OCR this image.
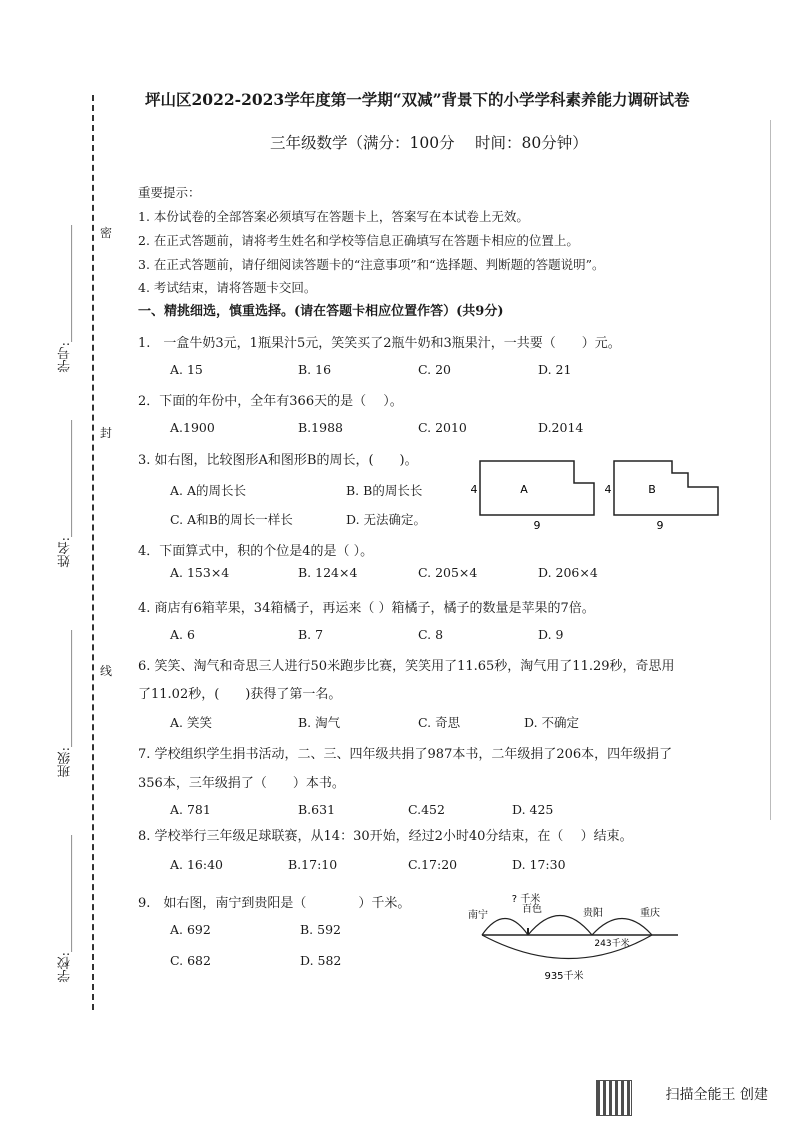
学号:__________________
姓名:__________________
班级:__________________
学校:__________________
密
封
线
坪山区2022-2023学年度第一学期“双减”背景下的小学学科素养能力调研试卷
三年级数学（满分：100分　 时间：80分钟）
重要提示：
1. 本份试卷的全部答案必须填写在答题卡上，答案写在本试卷上无效。
2. 在正式答题前，请将考生姓名和学校等信息正确填写在答题卡相应的位置上。
3. 在正式答题前，请仔细阅读答题卡的“注意事项”和“选择题、判断题的答题说明”。
4. 考试结束，请将答题卡交回。
一、精挑细选，慎重选择。(请在答题卡相应位置作答）(共9分)
1.　一盒牛奶3元，1瓶果汁5元，笑笑买了2瓶牛奶和3瓶果汁，一共要（　　）元。
A. 15	B. 16	C. 20	D. 21
2．下面的年份中，全年有366天的是（　 ）。
A.1900	B.1988	C. 2010	D.2014
3. 如右图，比较图形A和图形B的周长，(　　)。
A. A的周长长	B. B的周长长
C. A和B的周长一样长	D. 无法确定。
A
4
9
B
4
9
4．下面算式中，积的个位是4的是（ ）。
A. 153×4	B. 124×4	C. 205×4	D. 206×4
4. 商店有6箱苹果，34箱橘子，再运来（ ）箱橘子，橘子的数量是苹果的7倍。
A. 6	B. 7	C. 8	D. 9
6. 笑笑、淘气和奇思三人进行50米跑步比赛，笑笑用了11.65秒，淘气用了11.29秒，奇思用
了11.02秒，(　　)获得了第一名。
A. 笑笑	B. 淘气	C. 奇思	D. 不确定
7. 学校组织学生捐书活动，二、三、四年级共捐了987本书，二年级捐了206本，四年级捐了
356本，三年级捐了（　　）本书。
A. 781	B.631	C.452	D. 425
8. 学校举行三年级足球联赛，从14：30开始，经过2小时40分结束，在（　 ）结束。
A. 16:40	B.17:10	C.17:20	D. 17:30
9.　如右图，南宁到贵阳是（　　　　）千米。
A. 692	B. 592
C. 682	D. 582
? 千米
南宁
百色	贵阳	重庆
243千米
935千米
扫描全能王 创建
